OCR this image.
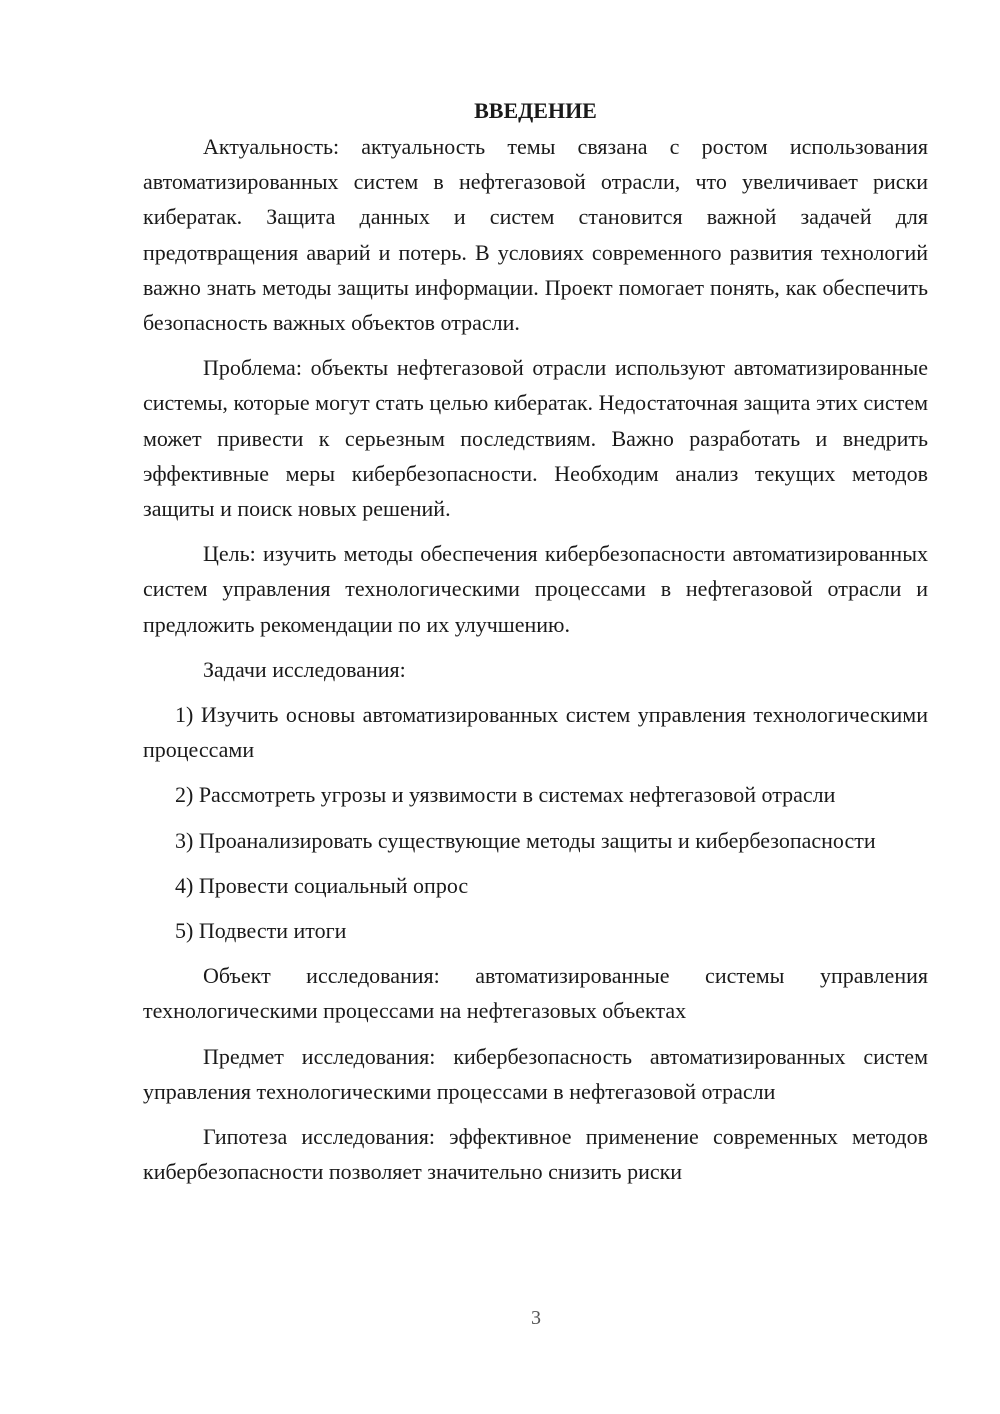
ВВЕДЕНИЕ

Актуальность: актуальность темы связана с ростом использования автоматизированных систем в нефтегазовой отрасли, что увеличивает риски кибератак. Защита данных и систем становится важной задачей для предотвращения аварий и потерь. В условиях современного развития технологий важно знать методы защиты информации. Проект помогает понять, как обеспечить безопасность важных объектов отрасли.

Проблема: объекты нефтегазовой отрасли используют автоматизированные системы, которые могут стать целью кибератак. Недостаточная защита этих систем может привести к серьезным последствиям. Важно разработать и внедрить эффективные меры кибербезопасности. Необходим анализ текущих методов защиты и поиск новых решений.

Цель: изучить методы обеспечения кибербезопасности автоматизированных систем управления технологическими процессами в нефтегазовой отрасли и предложить рекомендации по их улучшению.

Задачи исследования:

1) Изучить основы автоматизированных систем управления технологическими процессами

2) Рассмотреть угрозы и уязвимости в системах нефтегазовой отрасли

3) Проанализировать существующие методы защиты и кибербезопасности

4) Провести социальный опрос

5) Подвести итоги

Объект исследования: автоматизированные системы управления технологическими процессами на нефтегазовых объектах

Предмет исследования: кибербезопасность автоматизированных систем управления технологическими процессами в нефтегазовой отрасли

Гипотеза исследования: эффективное применение современных методов кибербезопасности позволяет значительно снизить риски

3
